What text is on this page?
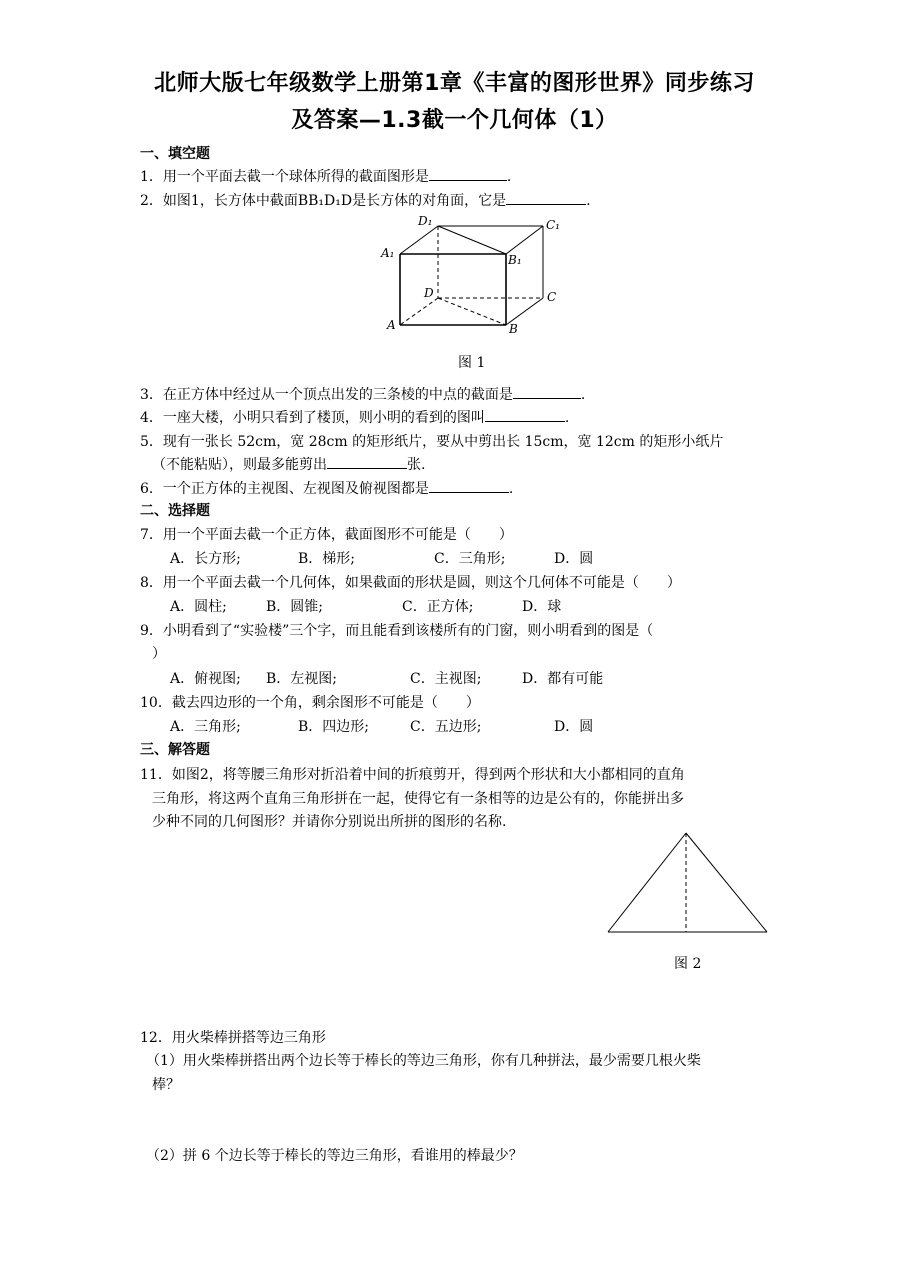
北师大版七年级数学上册第1章《丰富的图形世界》同步练习
及答案—1.3截一个几何体（1）
一、填空题
1．用一个平面去截一个球体所得的截面图形是	.
2．如图1，长方体中截面BB₁D₁D是长方体的对角面，它是	.
D₁	C₁
A₁	B₁
D	C
A	B
图 1
3．在正方体中经过从一个顶点出发的三条棱的中点的截面是	.
4．一座大楼，小明只看到了楼顶，则小明的看到的图叫	.
5．现有一张长 52cm，宽 28cm 的矩形纸片，要从中剪出长 15cm，宽 12cm 的矩形小纸片
（不能粘贴），则最多能剪出	张.
6．一个正方体的主视图、左视图及俯视图都是	.
二、选择题
7．用一个平面去截一个正方体，截面图形不可能是（　　）
A．长方形;	B．梯形;	C．三角形;	D．圆
8．用一个平面去截一个几何体，如果截面的形状是圆，则这个几何体不可能是（　　）
A．圆柱;	B．圆锥;	C．正方体;	D．球
9．小明看到了“实验楼”三个字，而且能看到该楼所有的门窗，则小明看到的图是（
）
A．俯视图; B．左视图;	C．主视图;	D．都有可能
10．截去四边形的一个角，剩余图形不可能是（　　）
A．三角形;	B．四边形;	C．五边形;	D．圆
三、解答题
11．如图2，将等腰三角形对折沿着中间的折痕剪开，得到两个形状和大小都相同的直角
三角形，将这两个直角三角形拼在一起，使得它有一条相等的边是公有的，你能拼出多
少种不同的几何图形？并请你分别说出所拼的图形的名称.
图 2
12．用火柴棒拼搭等边三角形
（1）用火柴棒拼搭出两个边长等于棒长的等边三角形，你有几种拼法，最少需要几根火柴
棒？
（2）拼 6 个边长等于棒长的等边三角形，看谁用的棒最少？
